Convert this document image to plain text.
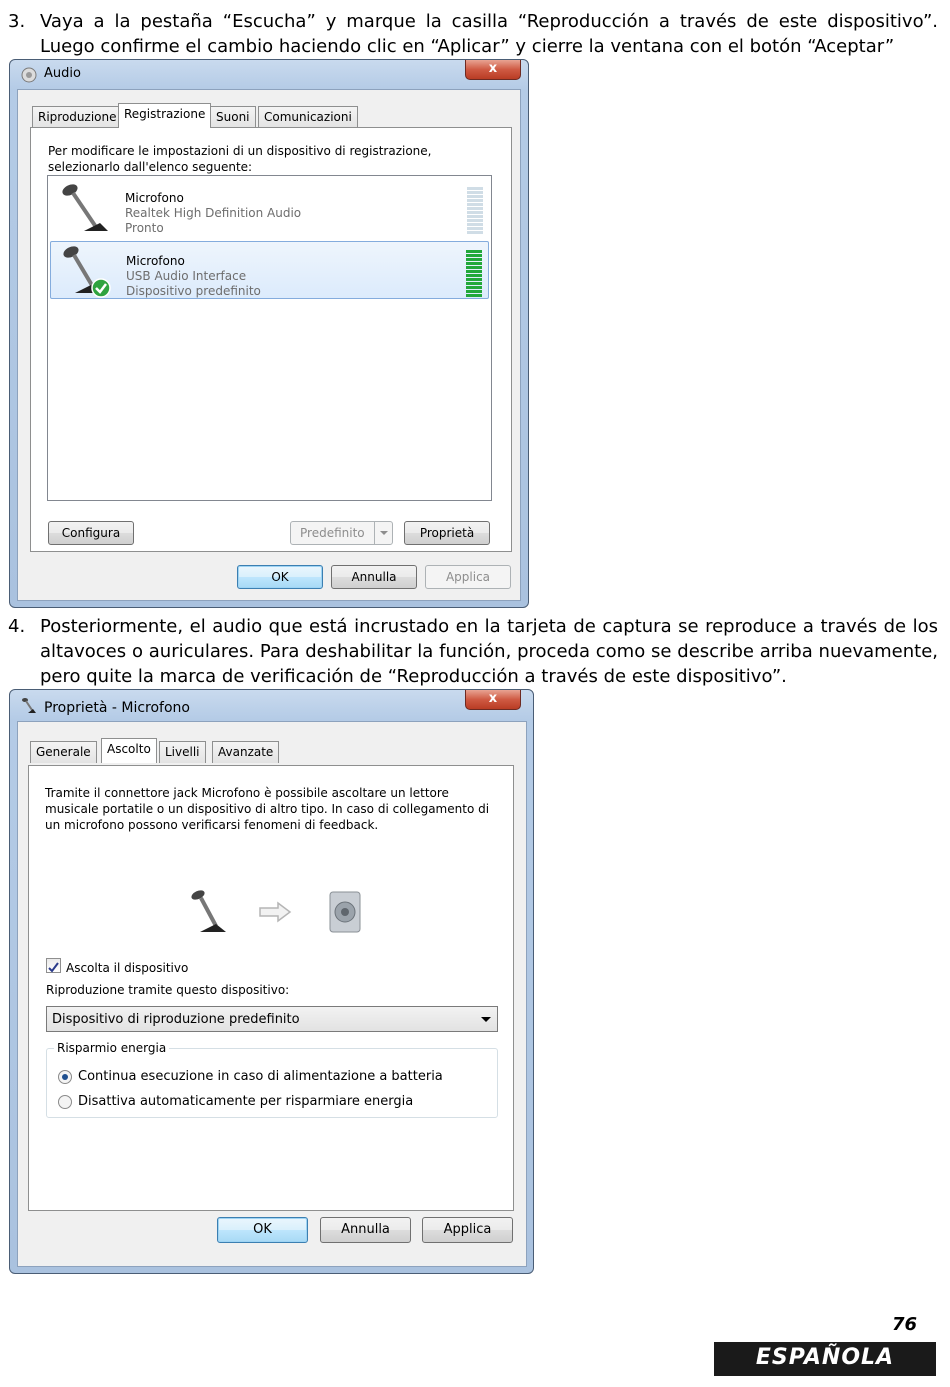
3. Vaya a la pestaña “Escucha” y marque la casilla “Reproducción a través de este dispositivo”. Luego confirme el cambio haciendo clic en “Aplicar” y cierre la ventana con el botón “Aceptar”
Audio	x
Riproduzione Registrazione Suoni	Comunicazioni
Per modificare le impostazioni di un dispositivo di registrazione, selezionarlo dall'elenco seguente:
Microfono
Realtek High Definition Audio
Pronto
Microfono
USB Audio Interface
Dispositivo predefinito
Configura	Predefinito	Proprietà
OK	Annulla	Applica
4. Posteriormente, el audio que está incrustado en la tarjeta de captura se reproduce a través de los altavoces o auriculares. Para deshabilitar la función, proceda como se describe arriba nuevamente, pero quite la marca de verificación de “Reproducción a través de este dispositivo”.
Proprietà - Microfono
x
Generale	Ascolto	Livelli	Avanzate
Tramite il connettore jack Microfono è possibile ascoltare un lettore musicale portatile o un dispositivo di altro tipo. In caso di collegamento di un microfono possono verificarsi fenomeni di feedback.
Ascolta il dispositivo
Riproduzione tramite questo dispositivo:
Dispositivo di riproduzione predefinito
Risparmio energia
Continua esecuzione in caso di alimentazione a batteria
Disattiva automaticamente per risparmiare energia
OK	Annulla	Applica
76
ESPAÑOLA
